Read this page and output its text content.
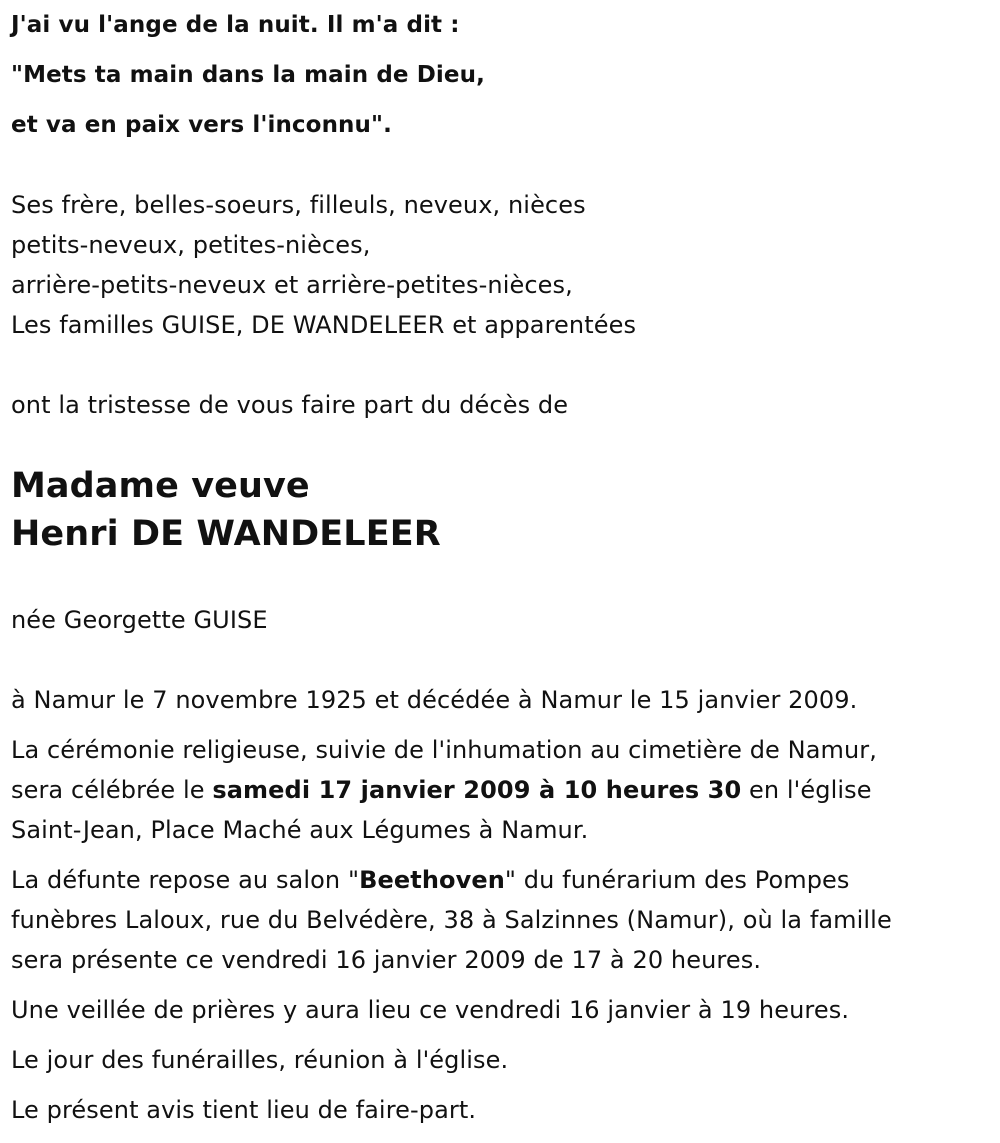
J'ai vu l'ange de la nuit. Il m'a dit :
"Mets ta main dans la main de Dieu,
et va en paix vers l'inconnu".
Ses frère, belles-soeurs, filleuls, neveux, nièces
petits-neveux, petites-nièces,
arrière-petits-neveux et arrière-petites-nièces,
Les familles GUISE, DE WANDELEER et apparentées
ont la tristesse de vous faire part du décès de
Madame veuve
Henri DE WANDELEER
née Georgette GUISE
à Namur le 7 novembre 1925 et décédée à Namur le 15 janvier 2009.
La cérémonie religieuse, suivie de l'inhumation au cimetière de Namur,
sera célébrée le samedi 17 janvier 2009 à 10 heures 30 en l'église
Saint-Jean, Place Maché aux Légumes à Namur.
La défunte repose au salon "Beethoven" du funérarium des Pompes
funèbres Laloux, rue du Belvédère, 38 à Salzinnes (Namur), où la famille
sera présente ce vendredi 16 janvier 2009 de 17 à 20 heures.
Une veillée de prières y aura lieu ce vendredi 16 janvier à 19 heures.
Le jour des funérailles, réunion à l'église.
Le présent avis tient lieu de faire-part.
